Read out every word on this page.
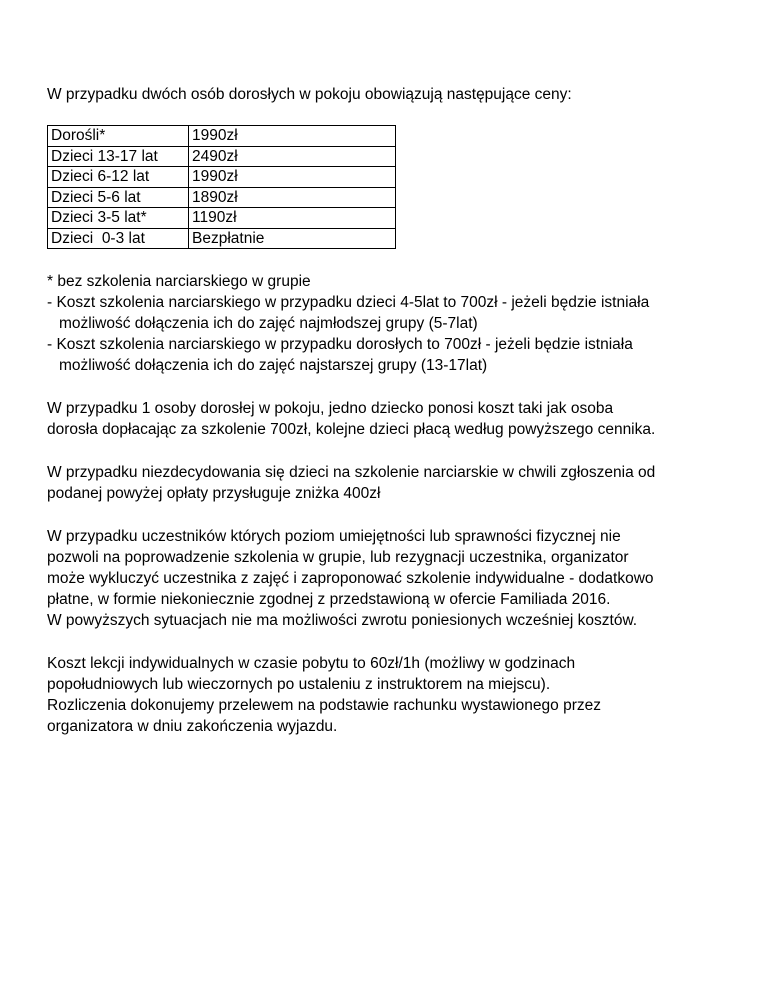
W przypadku dwóch osób dorosłych w pokoju obowiązują następujące ceny:
Dorośli*	1990zł
Dzieci 13-17 lat	2490zł
Dzieci 6-12 lat	1990zł
Dzieci 5-6 lat	1890zł
Dzieci 3-5 lat*	1190zł
Dzieci  0-3 lat	Bezpłatnie
* bez szkolenia narciarskiego w grupie
- Koszt szkolenia narciarskiego w przypadku dzieci 4-5lat to 700zł - jeżeli będzie istniała
możliwość dołączenia ich do zajęć najmłodszej grupy (5-7lat)
- Koszt szkolenia narciarskiego w przypadku dorosłych to 700zł - jeżeli będzie istniała
możliwość dołączenia ich do zajęć najstarszej grupy (13-17lat)
W przypadku 1 osoby dorosłej w pokoju, jedno dziecko ponosi koszt taki jak osoba
dorosła dopłacając za szkolenie 700zł, kolejne dzieci płacą według powyższego cennika.
W przypadku niezdecydowania się dzieci na szkolenie narciarskie w chwili zgłoszenia od
podanej powyżej opłaty przysługuje zniżka 400zł
W przypadku uczestników których poziom umiejętności lub sprawności fizycznej nie
pozwoli na poprowadzenie szkolenia w grupie, lub rezygnacji uczestnika, organizator
może wykluczyć uczestnika z zajęć i zaproponować szkolenie indywidualne - dodatkowo
płatne, w formie niekoniecznie zgodnej z przedstawioną w ofercie Familiada 2016.
W powyższych sytuacjach nie ma możliwości zwrotu poniesionych wcześniej kosztów.
Koszt lekcji indywidualnych w czasie pobytu to 60zł/1h (możliwy w godzinach
popołudniowych lub wieczornych po ustaleniu z instruktorem na miejscu).
Rozliczenia dokonujemy przelewem na podstawie rachunku wystawionego przez
organizatora w dniu zakończenia wyjazdu.
